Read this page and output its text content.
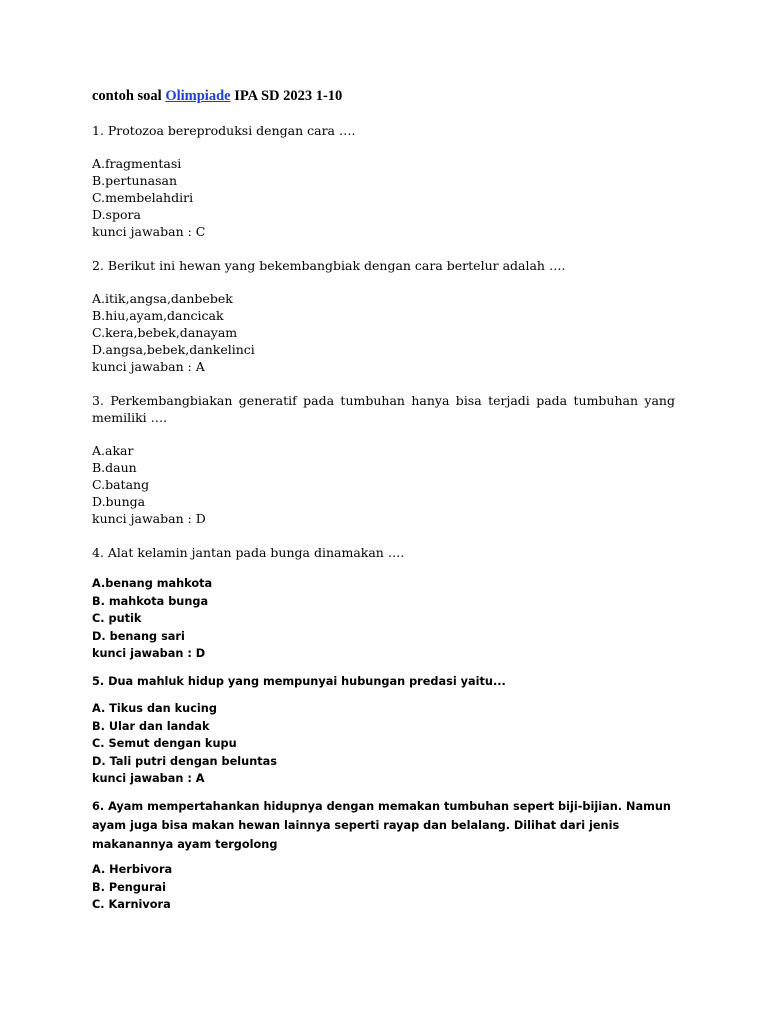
contoh soal Olimpiade IPA SD 2023 1-10
1. Protozoa bereproduksi dengan cara ….
A.fragmentasi
B.pertunasan
C.membelahdiri
D.spora
kunci jawaban : C
2. Berikut ini hewan yang bekembangbiak dengan cara bertelur adalah ….
A.itik,angsa,danbebek
B.hiu,ayam,dancicak
C.kera,bebek,danayam
D.angsa,bebek,dankelinci
kunci jawaban : A
3. Perkembangbiakan generatif pada tumbuhan hanya bisa terjadi pada tumbuhan yang memiliki ….
A.akar
B.daun
C.batang
D.bunga
kunci jawaban : D
4. Alat kelamin jantan pada bunga dinamakan ….
A.benang mahkota
B. mahkota bunga
C. putik
D. benang sari
kunci jawaban : D
5. Dua mahluk hidup yang mempunyai hubungan predasi yaitu...
A. Tikus dan kucing
B. Ular dan landak
C. Semut dengan kupu
D. Tali putri dengan beluntas
kunci jawaban : A
6. Ayam mempertahankan hidupnya dengan memakan tumbuhan sepert biji-bijian. Namun ayam juga bisa makan hewan lainnya seperti rayap dan belalang. Dilihat dari jenis makanannya ayam tergolong
A. Herbivora
B. Pengurai
C. Karnivora
